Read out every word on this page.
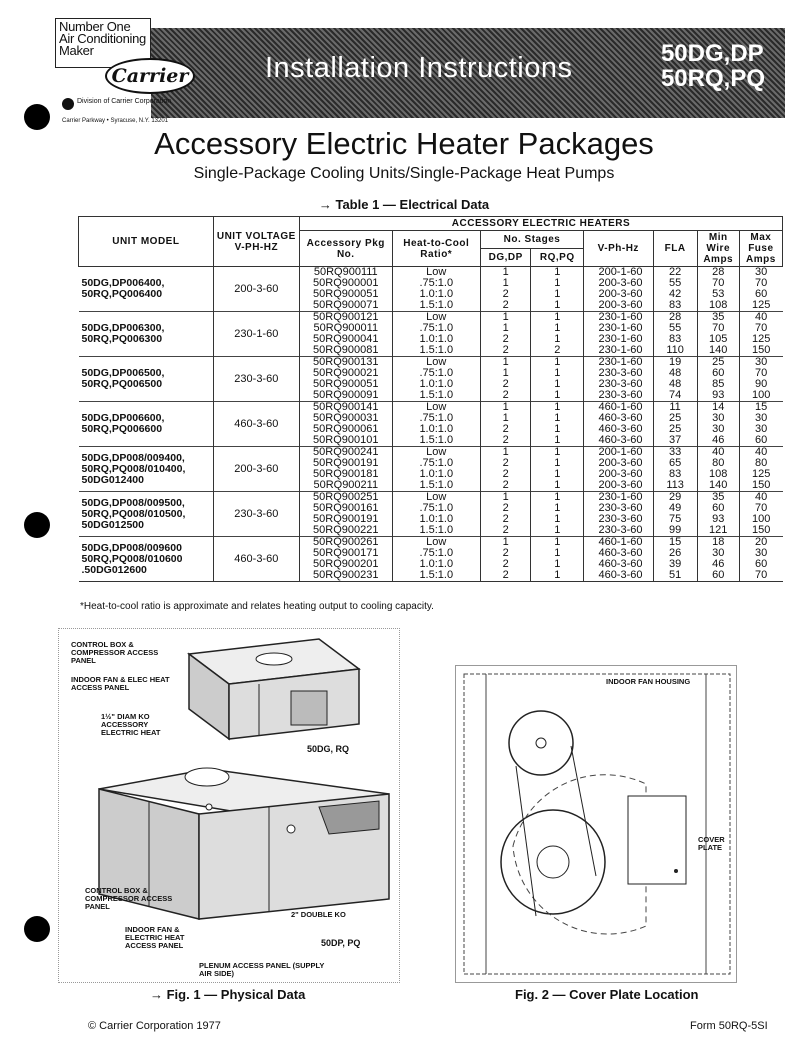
Number One Air Conditioning Maker
Carrier	Installation Instructions	50DG,DP
50RQ,PQ
Division of Carrier Corporation
Carrier Parkway • Syracuse, N.Y. 13201
Accessory Electric Heater Packages
Single-Package Cooling Units/Single-Package Heat Pumps
→ Table 1 — Electrical Data
UNIT MODEL	UNIT VOLTAGE V-PH-HZ	ACCESSORY ELECTRIC HEATERS							
		Accessory Pkg No.	Heat-to-Cool Ratio*	No. Stages		V-Ph-Hz	FLA	Min Wire Amps	Max Fuse Amps
				DG,DP	RQ,PQ				
50DG,DP006400, 50RQ,PQ006400	200-3-60	50RQ900111	Low	1	1	200-1-60	22	28	30
		50RQ900001	.75:1.0	1	1	200-3-60	55	70	70
		50RQ900051	1.0:1.0	2	1	200-3-60	42	53	60
		50RQ900071	1.5:1.0	2	1	200-3-60	83	108	125
50DG,DP006300, 50RQ,PQ006300	230-1-60	50RQ900121	Low	1	1	230-1-60	28	35	40
		50RQ900011	.75:1.0	1	1	230-1-60	55	70	70
		50RQ900041	1.0:1.0	2	1	230-1-60	83	105	125
		50RQ900081	1.5:1.0	2	2	230-1-60	110	140	150
50DG,DP006500, 50RQ,PQ006500	230-3-60	50RQ900131	Low	1	1	230-1-60	19	25	30
		50RQ900021	.75:1.0	1	1	230-3-60	48	60	70
		50RQ900051	1.0:1.0	2	1	230-3-60	48	85	90
		50RQ900091	1.5:1.0	2	1	230-3-60	74	93	100
50DG,DP006600, 50RQ,PQ006600	460-3-60	50RQ900141	Low	1	1	460-1-60	11	14	15
		50RQ900031	.75:1.0	1	1	460-3-60	25	30	30
		50RQ900061	1.0:1.0	2	1	460-3-60	25	30	30
		50RQ900101	1.5:1.0	2	1	460-3-60	37	46	60
50DG,DP008/009400, 50RQ,PQ008/010400, 50DG012400	200-3-60	50RQ900241	Low	1	1	200-1-60	33	40	40
		50RQ900191	.75:1.0	2	1	200-3-60	65	80	80
		50RQ900181	1.0:1.0	2	1	200-3-60	83	108	125
		50RQ900211	1.5:1.0	2	1	200-3-60	113	140	150
50DG,DP008/009500, 50RQ,PQ008/010500, 50DG012500	230-3-60	50RQ900251	Low	1	1	230-1-60	29	35	40
		50RQ900161	.75:1.0	2	1	230-3-60	49	60	70
		50RQ900191	1.0:1.0	2	1	230-3-60	75	93	100
		50RQ900221	1.5:1.0	2	1	230-3-60	99	121	150
50DG,DP008/009600 50RQ,PQ008/010600 .50DG012600	460-3-60	50RQ900261	Low	1	1	460-1-60	15	18	20
		50RQ900171	.75:1.0	2	1	460-3-60	26	30	30
		50RQ900201	1.0:1.0	2	1	460-3-60	39	46	60
		50RQ900231	1.5:1.0	2	1	460-3-60	51	60	70
*Heat-to-cool ratio is approximate and relates heating output to cooling capacity.
CONTROL BOX & COMPRESSOR ACCESS PANEL
INDOOR FAN & ELEC HEAT ACCESS PANEL
1½" DIAM KO ACCESSORY ELECTRIC HEAT
50DG, RQ
CONTROL BOX & COMPRESSOR ACCESS PANEL
INDOOR FAN & ELECTRIC HEAT ACCESS PANEL
2" DOUBLE KO
50DP, PQ
PLENUM ACCESS PANEL (SUPPLY AIR SIDE)
→ Fig. 1 — Physical Data
INDOOR FAN HOUSING
COVER PLATE
Fig. 2 — Cover Plate Location
© Carrier Corporation 1977	Form 50RQ-5SI
